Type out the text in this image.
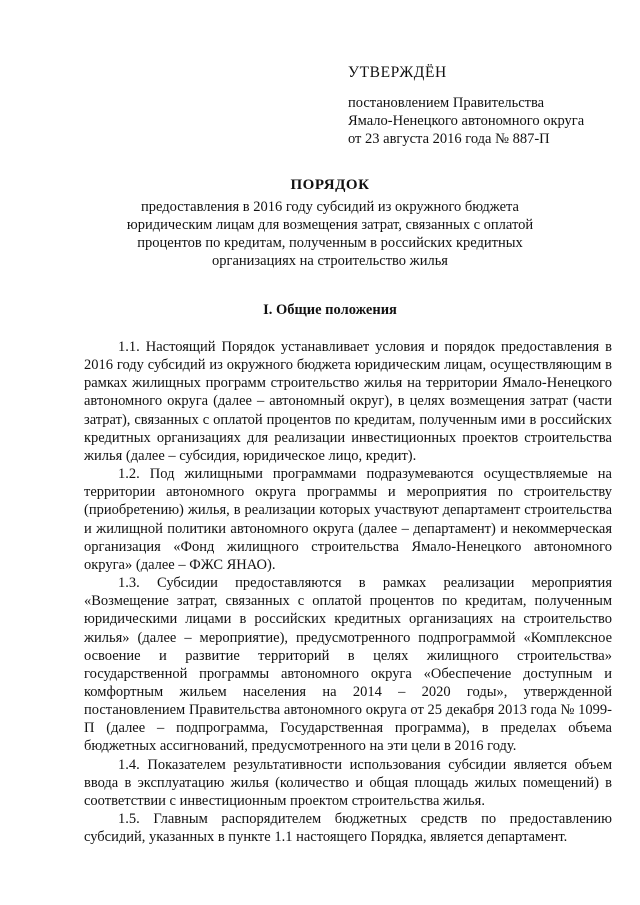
УТВЕРЖДЁН
постановлением Правительства
Ямало-Ненецкого автономного округа
от 23 августа 2016 года № 887-П
ПОРЯДОК
предоставления в 2016 году субсидий из окружного бюджета
юридическим лицам для возмещения затрат, связанных с оплатой
процентов по кредитам, полученным в российских кредитных
организациях на строительство жилья
I. Общие положения

1.1. Настоящий Порядок устанавливает условия и порядок предоставления в 2016 году субсидий из окружного бюджета юридическим лицам, осуществляющим в рамках жилищных программ строительство жилья на территории Ямало-Ненецкого автономного округа (далее – автономный округ), в целях возмещения затрат (части затрат), связанных с оплатой процентов по кредитам, полученным ими в российских кредитных организациях для реализации инвестиционных проектов строительства жилья (далее – субсидия, юридическое лицо, кредит).

1.2. Под жилищными программами подразумеваются осуществляемые на территории автономного округа программы и мероприятия по строительству (приобретению) жилья, в реализации которых участвуют департамент строительства и жилищной политики автономного округа (далее – департамент) и некоммерческая организация «Фонд жилищного строительства Ямало-Ненецкого автономного округа» (далее – ФЖС ЯНАО).

1.3. Субсидии предоставляются в рамках реализации мероприятия «Возмещение затрат, связанных с оплатой процентов по кредитам, полученным юридическими лицами в российских кредитных организациях на строительство жилья» (далее – мероприятие), предусмотренного подпрограммой «Комплексное освоение и развитие территорий в целях жилищного строительства» государственной программы автономного округа «Обеспечение доступным и комфортным жильем населения на 2014 – 2020 годы», утвержденной постановлением Правительства автономного округа от 25 декабря 2013 года № 1099-П (далее – подпрограмма, Государственная программа), в пределах объема бюджетных ассигнований, предусмотренного на эти цели в 2016 году.

1.4. Показателем результативности использования субсидии является объем ввода в эксплуатацию жилья (количество и общая площадь жилых помещений) в соответствии с инвестиционным проектом строительства жилья.

1.5. Главным распорядителем бюджетных средств по предоставлению субсидий, указанных в пункте 1.1 настоящего Порядка, является департамент.
